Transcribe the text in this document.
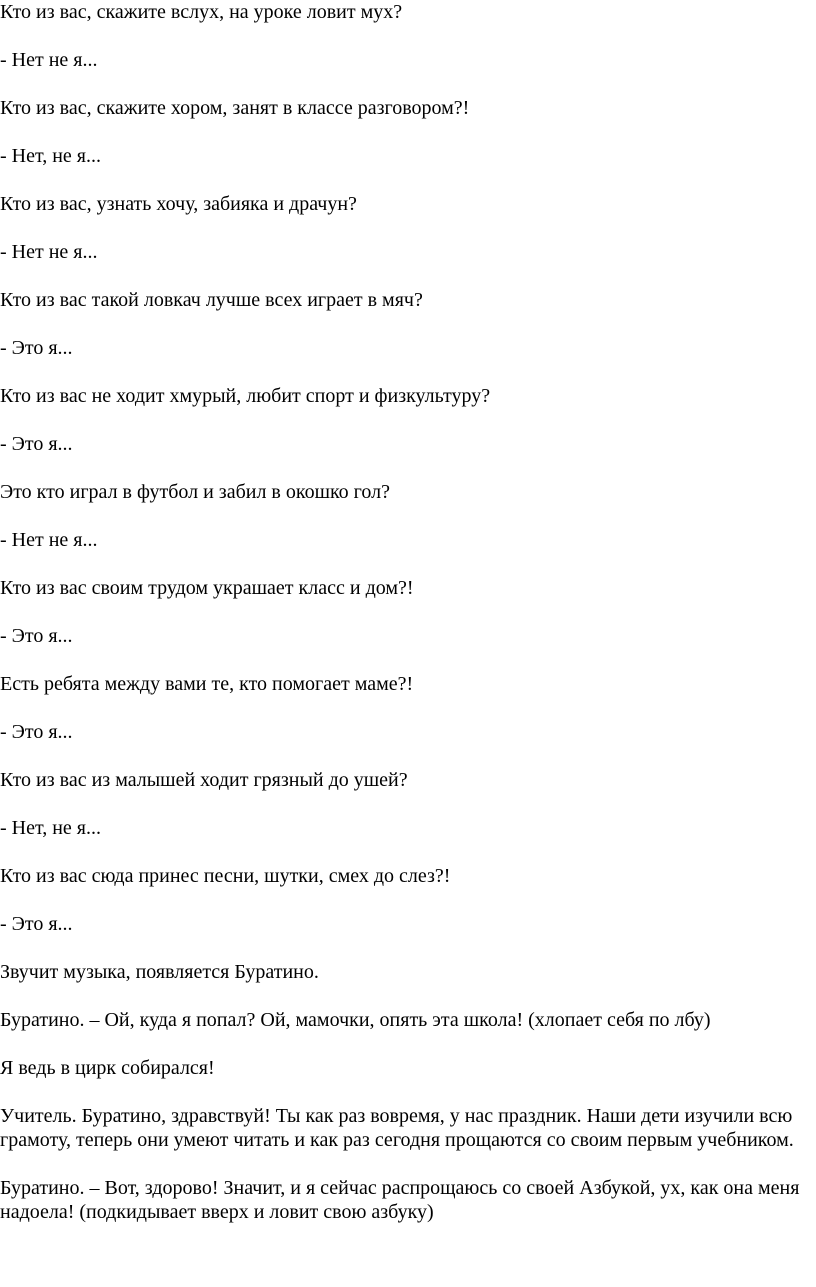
Кто из вас, скажите вслух, на уроке ловит мух?

- Нет не я...

Кто из вас, скажите хором, занят в классе разговором?!

- Нет, не я...

Кто из вас, узнать хочу, забияка и драчун?

- Нет не я...

Кто из вас такой ловкач лучше всех играет в мяч?

- Это я...

Кто из вас не ходит хмурый, любит спорт и физкультуру?

- Это я...

Это кто играл в футбол и забил в окошко гол?

- Нет не я...

Кто из вас своим трудом украшает класс и дом?!

- Это я...

Есть ребята между вами те, кто помогает маме?!

- Это я...

Кто из вас из малышей ходит грязный до ушей?

- Нет, не я...

Кто из вас сюда принес песни, шутки, смех до слез?!

- Это я...

Звучит музыка, появляется Буратино.

Буратино. – Ой, куда я попал? Ой, мамочки, опять эта школа! (хлопает себя по лбу)

Я ведь в цирк собирался!

Учитель. Буратино, здравствуй! Ты как раз вовремя, у нас праздник. Наши дети изучили всю грамоту, теперь они умеют читать и как раз сегодня прощаются со своим первым учебником.

Буратино. – Вот, здорово! Значит, и я сейчас распрощаюсь со своей Азбукой, ух, как она меня надоела! (подкидывает вверх и ловит свою азбуку)
